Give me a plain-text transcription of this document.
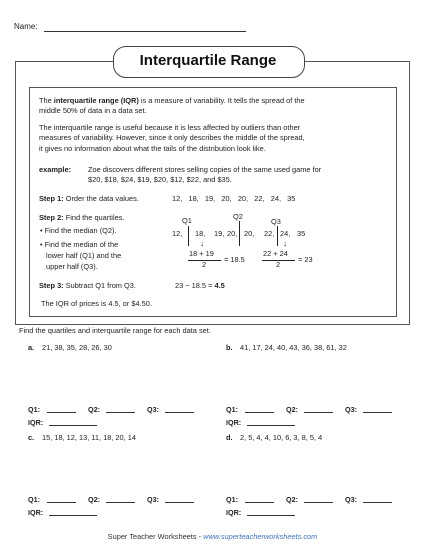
Name:
Interquartile Range
The interquartile range (IQR) is a measure of variability. It tells the spread of the
middle 50% of data in a data set.
The interquartile range is useful because it is less affected by outliers than other
measures of variability. However, since it only describes the middle of the spread,
it gives no information about what the tails of the distribution look like.
example: Zoe discovers different stores selling copies of the same used game for
$20, $18, $24, $19, $20, $12, $22, and $35.
Step 1: Order the data values.	12, 18, 19, 20, 20, 22, 24, 35
Step 2: Find the quartiles.
• Find the median (Q2).
• Find the median of the
lower half (Q1) and the
upper half (Q3).
Q1	Q2
Q3
12, 18, 19, 20, 20, 22, 24, 35
↓	↓
18 + 19
2
= 18.5
22 + 24
2
= 23
Step 3: Subtract Q1 from Q3.	23 − 18.5 = 4.5
The IQR of prices is 4.5, or $4.50.
Find the quartiles and interquartile range for each data set.
a. 21, 38, 35, 28, 26, 30	b. 41, 17, 24, 40, 43, 36, 38, 61, 32
Q1:	Q2:	Q3:
IQR:
Q1:	Q2:	Q3:
IQR:
c. 15, 18, 12, 13, 11, 18, 20, 14	d. 2, 5, 4, 4, 10, 6, 3, 8, 5, 4
Q1:	Q2:	Q3:
IQR:
Q1:	Q2:	Q3:
IQR:
Super Teacher Worksheets - www.superteacherworksheets.com
